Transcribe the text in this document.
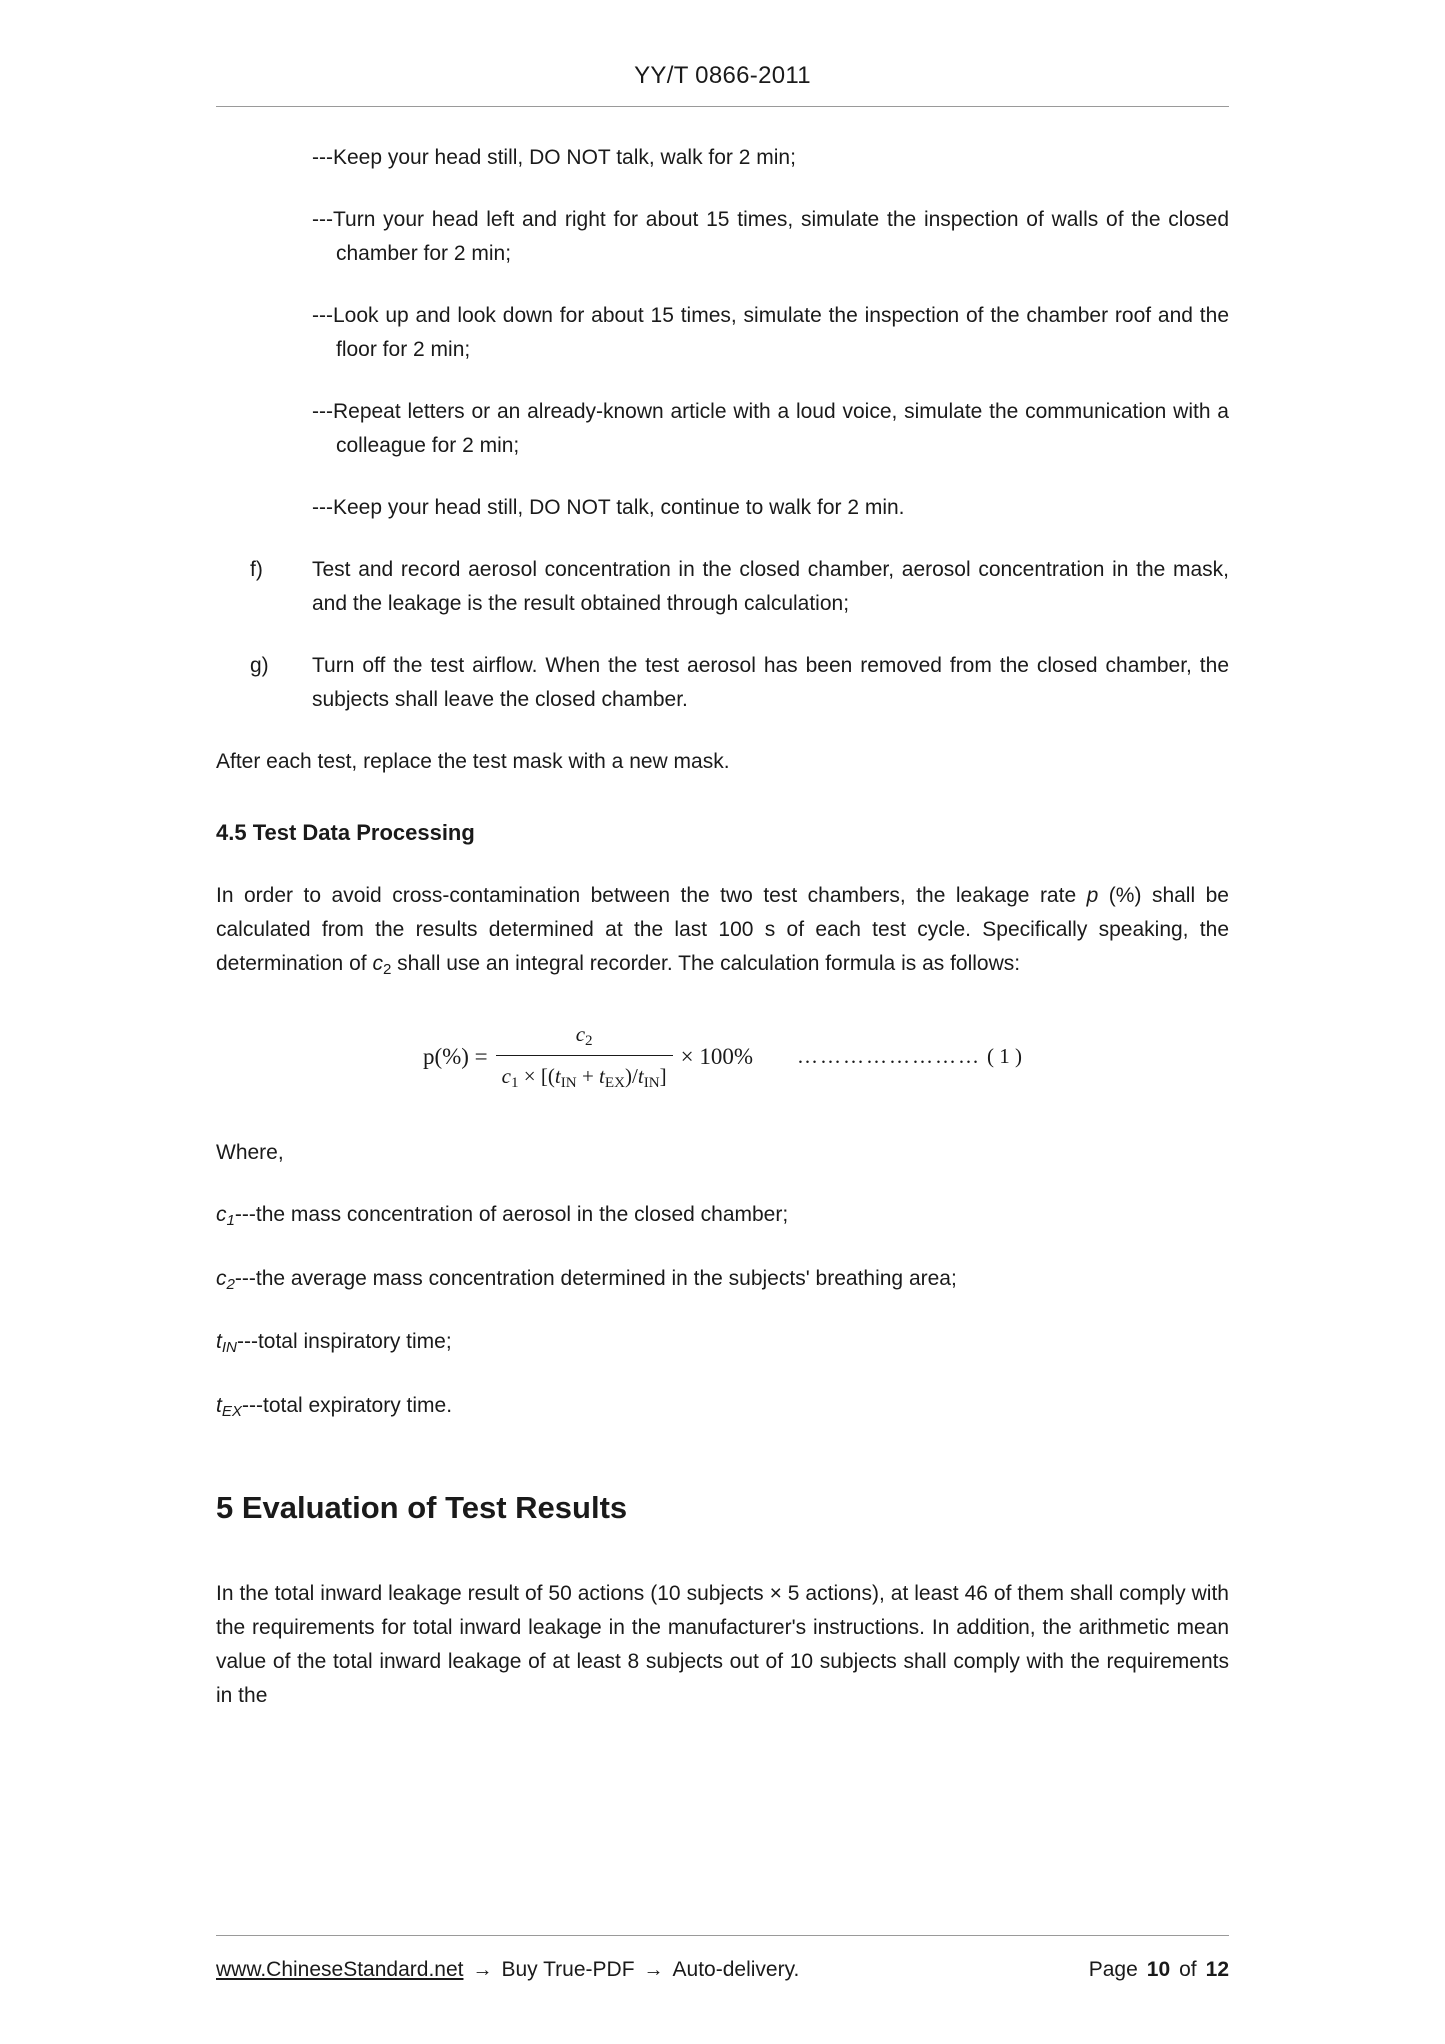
YY/T 0866-2011

---Keep your head still, DO NOT talk, walk for 2 min;

---Turn your head left and right for about 15 times, simulate the inspection of walls of the closed chamber for 2 min;

---Look up and look down for about 15 times, simulate the inspection of the chamber roof and the floor for 2 min;

---Repeat letters or an already-known article with a loud voice, simulate the communication with a colleague for 2 min;

---Keep your head still, DO NOT talk, continue to walk for 2 min.

f)	Test and record aerosol concentration in the closed chamber, aerosol concentration in the mask, and the leakage is the result obtained through calculation;
g)	Turn off the test airflow. When the test aerosol has been removed from the closed chamber, the subjects shall leave the closed chamber.

After each test, replace the test mask with a new mask.

4.5 Test Data Processing

In order to avoid cross-contamination between the two test chambers, the leakage rate p (%) shall be calculated from the results determined at the last 100 s of each test cycle. Specifically speaking, the determination of $c_2$ shall use an integral recorder. The calculation formula is as follows:

$p(\%) = \frac{c_2}{c_1 \times [(t_{IN} + t_{EX})/t_{IN}]} \times 100\%$ …………………… ( 1 )

Where,

$c_1--$-the mass concentration of aerosol in the closed chamber;

$c_2--$-the average mass concentration determined in the subjects' breathing area;

$t_{IN}--$-total inspiratory time;

$t_{EX}--$-total expiratory time.

5 Evaluation of Test Results

In the total inward leakage result of 50 actions (10 subjects × 5 actions), at least 46 of them shall comply with the requirements for total inward leakage in the manufacturer's instructions. In addition, the arithmetic mean value of the total inward leakage of at least 8 subjects out of 10 subjects shall comply with the requirements in the

www.ChineseStandard.net → Buy True-PDF → Auto-delivery.	Page 10 of 12
